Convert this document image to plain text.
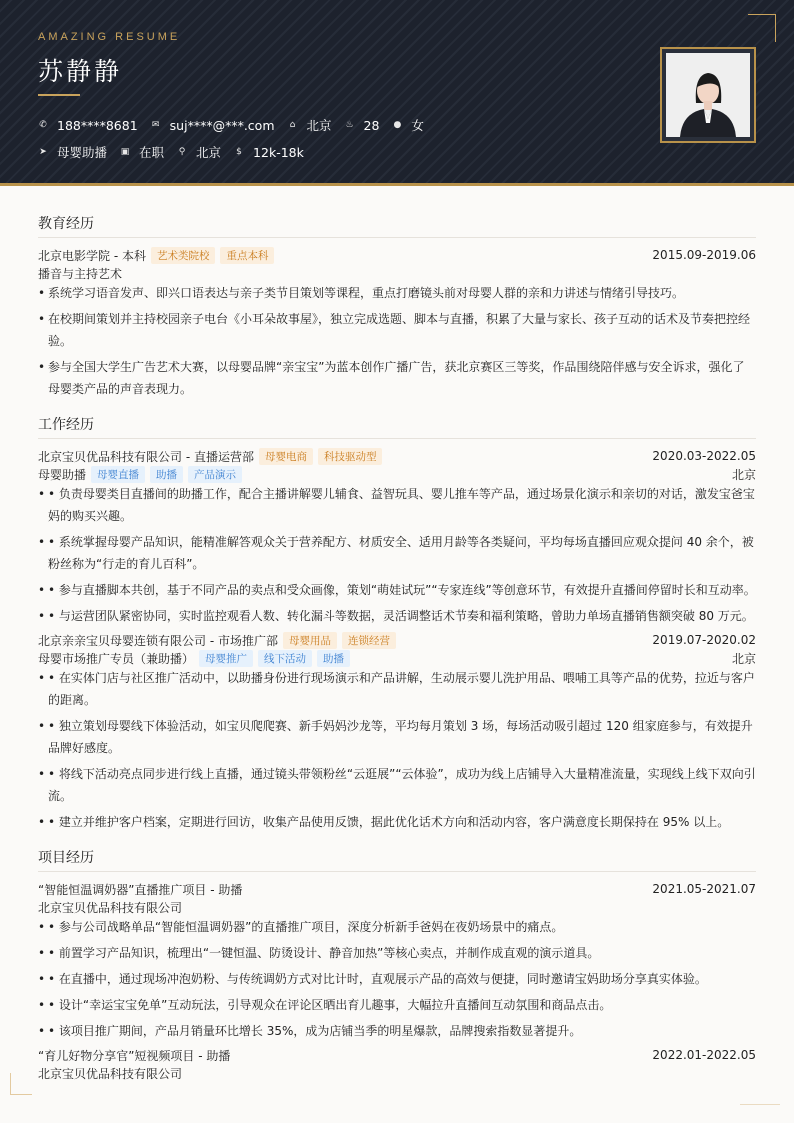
AMAZING RESUME
苏静静
✆ 188****8681 ✉ suj****@***.com ⌂ 北京 ♨ 28 ● 女
➤ 母婴助播 ▣ 在职 ⚲ 北京 $ 12k-18k
教育经历
北京电影学院 - 本科	艺术类院校	重点本科	2015.09-2019.06
播音与主持艺术
• 系统学习语音发声、即兴口语表达与亲子类节目策划等课程，重点打磨镜头前对母婴人群的亲和力讲述与情绪引导技巧。
• 在校期间策划并主持校园亲子电台《小耳朵故事屋》，独立完成选题、脚本与直播，积累了大量与家长、孩子互动的话术及节奏把控经验。
• 参与全国大学生广告艺术大赛，以母婴品牌“亲宝宝”为蓝本创作广播广告，获北京赛区三等奖，作品围绕陪伴感与安全诉求，强化了母婴类产品的声音表现力。
工作经历
北京宝贝优品科技有限公司 - 直播运营部	母婴电商	科技驱动型	2020.03-2022.05
母婴助播	母婴直播	助播	产品演示	北京
• • 负责母婴类目直播间的助播工作，配合主播讲解婴儿辅食、益智玩具、婴儿推车等产品，通过场景化演示和亲切的对话，激发宝爸宝妈的购买兴趣。
• • 系统掌握母婴产品知识，能精准解答观众关于营养配方、材质安全、适用月龄等各类疑问，平均每场直播回应观众提问 40 余个，被粉丝称为“行走的育儿百科”。
• • 参与直播脚本共创，基于不同产品的卖点和受众画像，策划“萌娃试玩”“专家连线”等创意环节，有效提升直播间停留时长和互动率。
• • 与运营团队紧密协同，实时监控观看人数、转化漏斗等数据，灵活调整话术节奏和福利策略，曾助力单场直播销售额突破 80 万元。
北京亲亲宝贝母婴连锁有限公司 - 市场推广部	母婴用品	连锁经营	2019.07-2020.02
母婴市场推广专员（兼助播）	母婴推广	线下活动	助播	北京
• • 在实体门店与社区推广活动中，以助播身份进行现场演示和产品讲解，生动展示婴儿洗护用品、喂哺工具等产品的优势，拉近与客户的距离。
• • 独立策划母婴线下体验活动，如宝贝爬爬赛、新手妈妈沙龙等，平均每月策划 3 场，每场活动吸引超过 120 组家庭参与，有效提升品牌好感度。
• • 将线下活动亮点同步进行线上直播，通过镜头带领粉丝“云逛展”“云体验”，成功为线上店铺导入大量精准流量，实现线上线下双向引流。
• • 建立并维护客户档案，定期进行回访，收集产品使用反馈，据此优化话术方向和活动内容，客户满意度长期保持在 95% 以上。
项目经历
“智能恒温调奶器”直播推广项目 - 助播	2021.05-2021.07
北京宝贝优品科技有限公司
• • 参与公司战略单品“智能恒温调奶器”的直播推广项目，深度分析新手爸妈在夜奶场景中的痛点。
• • 前置学习产品知识，梳理出“一键恒温、防烫设计、静音加热”等核心卖点，并制作成直观的演示道具。
• • 在直播中，通过现场冲泡奶粉、与传统调奶方式对比计时，直观展示产品的高效与便捷，同时邀请宝妈助场分享真实体验。
• • 设计“幸运宝宝免单”互动玩法，引导观众在评论区晒出育儿趣事，大幅拉升直播间互动氛围和商品点击。
• • 该项目推广期间，产品月销量环比增长 35%，成为店铺当季的明星爆款，品牌搜索指数显著提升。
“育儿好物分享官”短视频项目 - 助播	2022.01-2022.05
北京宝贝优品科技有限公司
